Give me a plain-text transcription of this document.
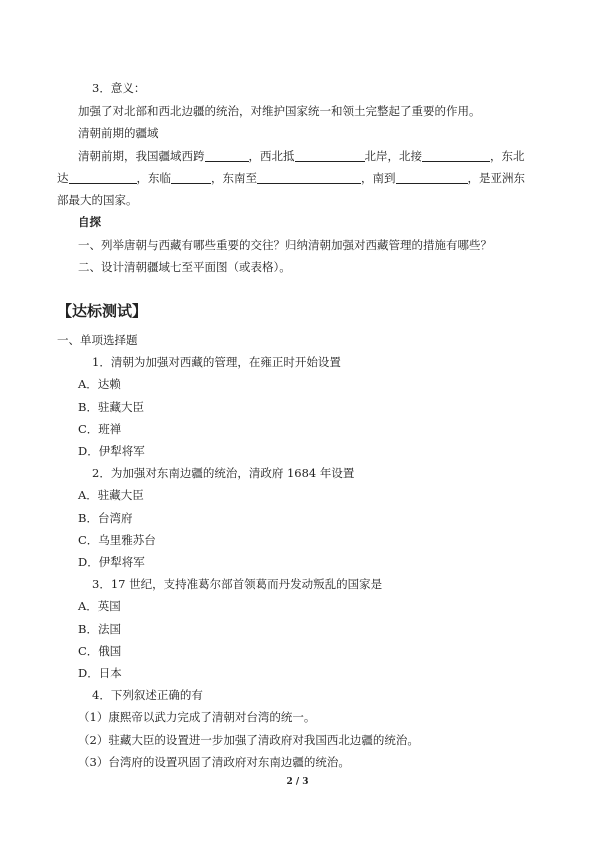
3．意义：
加强了对北部和西北边疆的统治，对维护国家统一和领土完整起了重要的作用。
清朝前期的疆域
清朝前期，我国疆域西跨	，西北抵	北岸，北接	，东北
达	，东临	，东南至	，南到	，是亚洲东
部最大的国家。
自探
一、列举唐朝与西藏有哪些重要的交往？归纳清朝加强对西藏管理的措施有哪些？
二、设计清朝疆域七至平面图（或表格）。
【达标测试】
一、单项选择题
1．清朝为加强对西藏的管理，在雍正时开始设置
A．达赖
B．驻藏大臣
C．班禅
D．伊犁将军
2．为加强对东南边疆的统治，清政府 1684 年设置
A．驻藏大臣
B．台湾府
C．乌里雅苏台
D．伊犁将军
3．17 世纪，支持准葛尔部首领葛而丹发动叛乱的国家是
A．英国
B．法国
C．俄国
D．日本
4．下列叙述正确的有
（1）康熙帝以武力完成了清朝对台湾的统一。
（2）驻藏大臣的设置进一步加强了清政府对我国西北边疆的统治。
（3）台湾府的设置巩固了清政府对东南边疆的统治。
2 / 3
